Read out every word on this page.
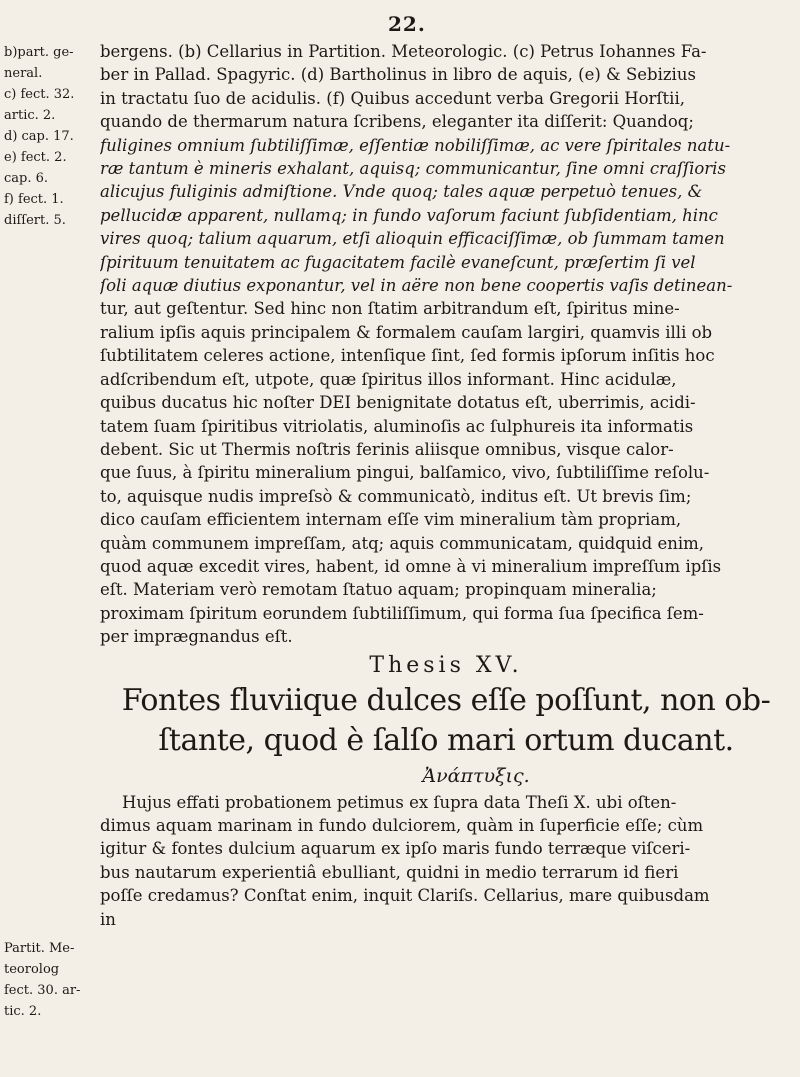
22.
b)part. ge-
neral.
c) fect. 32.
artic. 2.
d) cap. 17.
e) fect. 2.
cap. 6.
f) fect. 1.
diſſert. 5.
Partit. Me-
teorolog
fect. 30. ar-
tic. 2.

bergens. (b) Cellarius in Partition. Meteorologic. (c) Petrus Iohannes Fa-
ber in Pallad. Spagyric. (d) Bartholinus in libro de aquis, (e) & Sebizius
in tractatu ſuo de acidulis. (f) Quibus accedunt verba Gregorii Horſtii,
quando de thermarum natura ſcribens, eleganter ita diſſerit: Quandoq;
fuligines omnium ſubtiliſſimæ, eſſentiæ nobiliſſimæ, ac vere ſpiritales natu-
ræ tantum è mineris exhalant, aquisq; communicantur, ſine omni craſſioris
alicujus fuliginis admiſtione. Vnde quoq; tales aquæ perpetuò tenues, &
pellucidæ apparent, nullamq; in fundo vaſorum faciunt ſubſidentiam, hinc
vires quoq; talium aquarum, etſi alioquin efficaciſſimæ, ob ſummam tamen
ſpirituum tenuitatem ac fugacitatem facilè evaneſcunt, præſertim ſi vel
ſoli aquæ diutius exponantur, vel in aëre non bene coopertis vaſis detinean-
tur, aut geſtentur. Sed hinc non ſtatim arbitrandum eſt, ſpiritus mine-
ralium ipſis aquis principalem & formalem cauſam largiri, quamvis illi ob
ſubtilitatem celeres actione, intenſique ſint, ſed formis ipſorum inſitis hoc
adſcribendum eſt, utpote, quæ ſpiritus illos informant. Hinc acidulæ,
quibus ducatus hic noſter DEI benignitate dotatus eſt, uberrimis, acidi-
tatem ſuam ſpiritibus vitriolatis, aluminoſis ac ſulphureis ita informatis
debent. Sic ut Thermis noſtris ferinis aliisque omnibus, visque calor-
que ſuus, à ſpiritu mineralium pingui, balſamico, vivo, ſubtiliſſime reſolu-
to, aquisque nudis impreſsò & communicatò, inditus eſt. Ut brevis ſim;
dico cauſam efficientem internam eſſe vim mineralium tàm propriam,
quàm communem impreſſam, atq; aquis communicatam, quidquid enim,
quod aquæ excedit vires, habent, id omne à vi mineralium impreſſum ipſis
eſt. Materiam verò remotam ſtatuo aquam; propinquam mineralia;
proximam ſpiritum eorundem ſubtiliſſimum, qui forma ſua ſpecifica ſem-
per imprægnandus eſt.

Thesis XV.
Fontes fluviique dulces eſſe poſſunt, non ob-
ſtante, quod è ſalſo mari ortum ducant.
Ἀνάπτυξις.

Hujus effati probationem petimus ex ſupra data Theſi X. ubi oſten-
dimus aquam marinam in fundo dulciorem, quàm in ſuperficie eſſe; cùm
igitur & fontes dulcium aquarum ex ipſo maris fundo terræque viſceri-
bus nautarum experientiâ ebulliant, quidni in medio terrarum id fieri
poſſe credamus? Conſtat enim, inquit Clariſs. Cellarius, mare quibusdam
in
